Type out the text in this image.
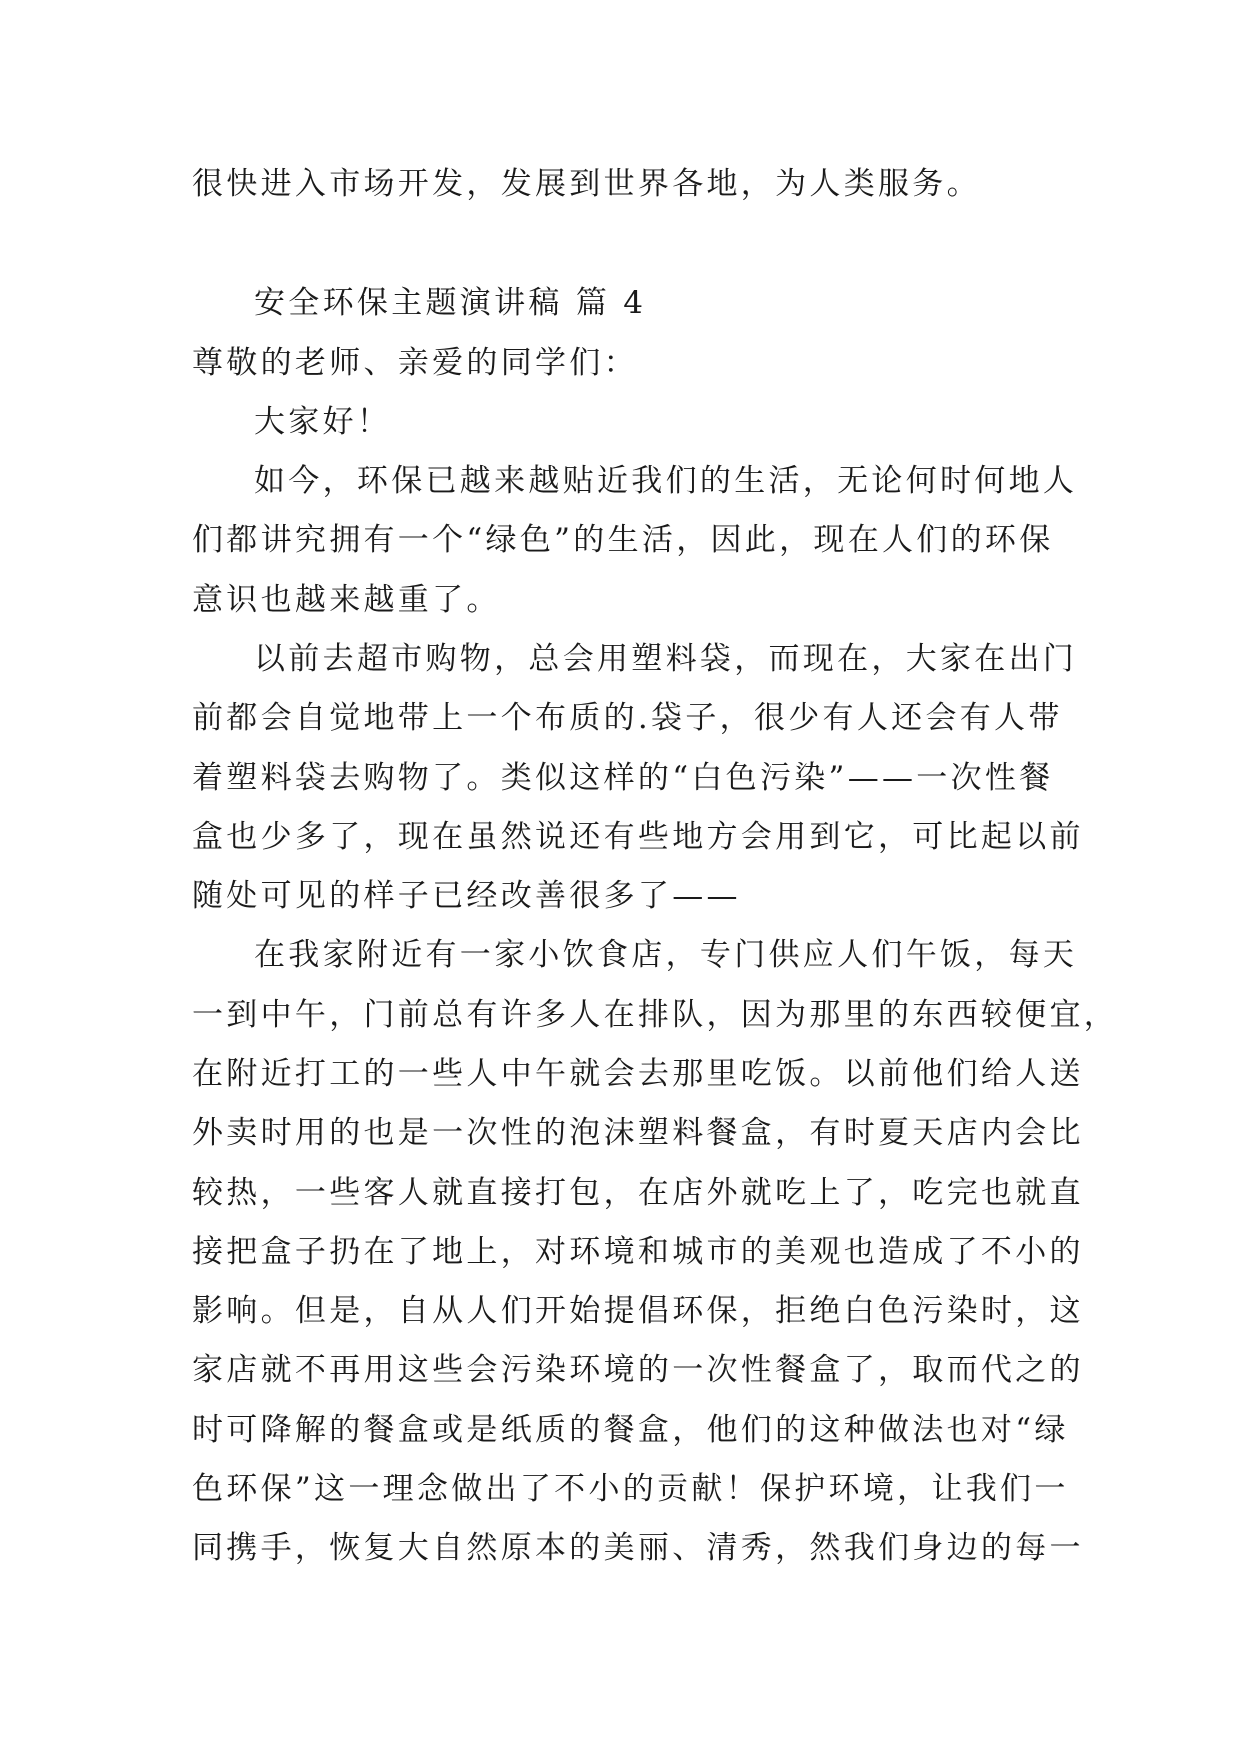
很快进入市场开发，发展到世界各地，为人类服务。
安全环保主题演讲稿 篇 4
尊敬的老师、亲爱的同学们：
大家好！
如今，环保已越来越贴近我们的生活，无论何时何地人
们都讲究拥有一个“绿色”的生活，因此，现在人们的环保
意识也越来越重了。
以前去超市购物，总会用塑料袋，而现在，大家在出门
前都会自觉地带上一个布质的.袋子，很少有人还会有人带
着塑料袋去购物了。类似这样的“白色污染”——一次性餐
盒也少多了，现在虽然说还有些地方会用到它，可比起以前
随处可见的样子已经改善很多了——
在我家附近有一家小饮食店，专门供应人们午饭，每天
一到中午，门前总有许多人在排队，因为那里的东西较便宜，
在附近打工的一些人中午就会去那里吃饭。以前他们给人送
外卖时用的也是一次性的泡沫塑料餐盒，有时夏天店内会比
较热，一些客人就直接打包，在店外就吃上了，吃完也就直
接把盒子扔在了地上，对环境和城市的美观也造成了不小的
影响。但是，自从人们开始提倡环保，拒绝白色污染时，这
家店就不再用这些会污染环境的一次性餐盒了，取而代之的
时可降解的餐盒或是纸质的餐盒，他们的这种做法也对“绿
色环保”这一理念做出了不小的贡献！保护环境，让我们一
同携手，恢复大自然原本的美丽、清秀，然我们身边的每一
